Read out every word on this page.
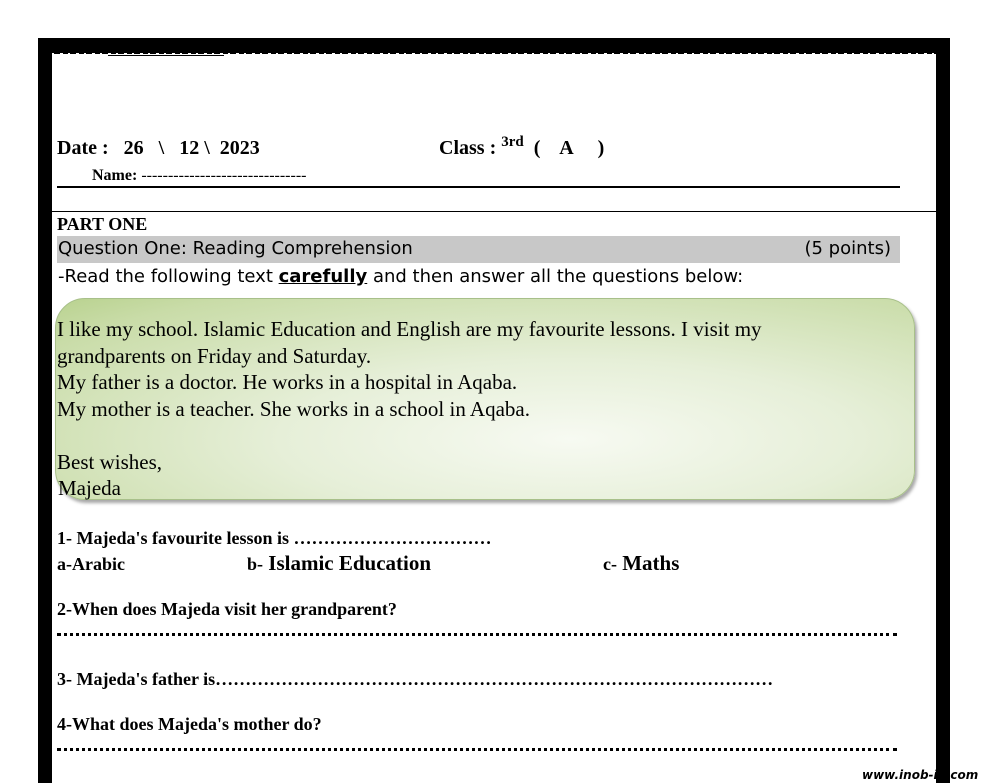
Date : 26   \   12 \  2023	Class : $^{3rd}$  (    A     )
Name: -------------------------------
PART ONE
Question One: Reading Comprehension	(5 points)
-Read the following text carefully and then answer all the questions below:
I like my school. Islamic Education and English are my favourite lessons. I visit my
grandparents on Friday and Saturday.
My father is a doctor. He works in a hospital in Aqaba.
My mother is a teacher. She works in a school in Aqaba.
Best wishes,
Majeda
1- Majeda's favourite lesson is ……………………………
a-Arabic	b- Islamic Education	c- Maths
2-When does Majeda visit her grandparent?
3- Majeda's father is…………………………………………………………………………………
4-What does Majeda's mother do?
www.inob-io.com
